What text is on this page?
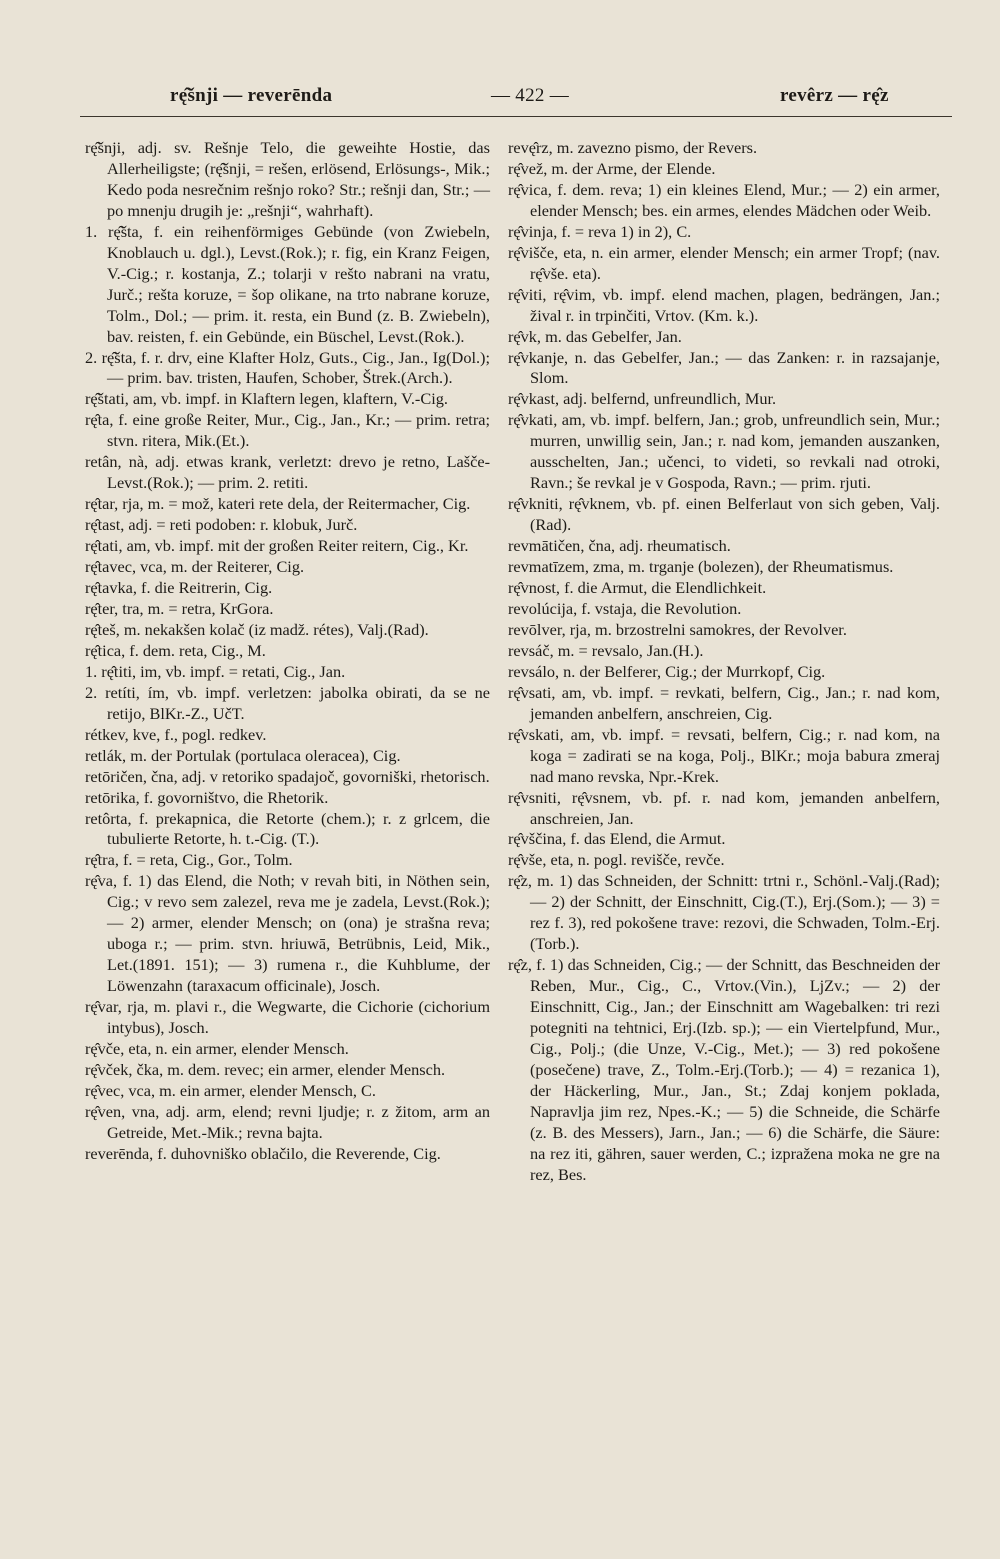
rę̂šnji — reverēnda	— 422 —	revêrz — rę̂z

rę̂šnji, adj. sv. Rešnje Telo, die geweihte Hostie, das Allerheiligste; (rę̂šnji, = rešen, erlösend, Erlösungs-, Mik.; Kedo poda nesrečnim rešnjo roko? Str.; rešnji dan, Str.; — po mnenju drugih je: „rešnji“, wahrhaft).

1. rę̂šta, f. ein reihenförmiges Gebünde (von Zwiebeln, Knoblauch u. dgl.), Levst.(Rok.); r. fig, ein Kranz Feigen, V.-Cig.; r. kostanja, Z.; tolarji v rešto nabrani na vratu, Jurč.; rešta koruze, = šop olikane, na trto nabrane koruze, Tolm., Dol.; — prim. it. resta, ein Bund (z. B. Zwiebeln), bav. reisten, f. ein Gebünde, ein Büschel, Levst.(Rok.).

2. rę̂šta, f. r. drv, eine Klafter Holz, Guts., Cig., Jan., Ig(Dol.); — prim. bav. tristen, Haufen, Schober, Štrek.(Arch.).

rę̂štati, am, vb. impf. in Klaftern legen, klaftern, V.-Cig.

rę̂ta, f. eine große Reiter, Mur., Cig., Jan., Kr.; — prim. retra; stvn. ritera, Mik.(Et.).

retân, nà, adj. etwas krank, verletzt: drevo je retno, Lašče-Levst.(Rok.); — prim. 2. retiti.

rę̂tar, rja, m. = mož, kateri rete dela, der Reitermacher, Cig.

rę̂tast, adj. = reti podoben: r. klobuk, Jurč.

rę̂tati, am, vb. impf. mit der großen Reiter reitern, Cig., Kr.

rę̂tavec, vca, m. der Reiterer, Cig.

rę̂tavka, f. die Reitrerin, Cig.

rę̂ter, tra, m. = retra, KrGora.

rę̂teš, m. nekakšen kolač (iz madž. rétes), Valj.(Rad).

rę̂tica, f. dem. reta, Cig., M.

1. rę̂titi, im, vb. impf. = retati, Cig., Jan.

2. retíti, ím, vb. impf. verletzen: jabolka obirati, da se ne retijo, BlKr.-Z., UčT.

rétkev, kve, f., pogl. redkev.

retlák, m. der Portulak (portulaca oleracea), Cig.

retōričen, čna, adj. v retoriko spadajoč, govorniški, rhetorisch.

retōrika, f. govorništvo, die Rhetorik.

retôrta, f. prekapnica, die Retorte (chem.); r. z grlcem, die tubulierte Retorte, h. t.-Cig. (T.).

rę̂tra, f. = reta, Cig., Gor., Tolm.

rę̂va, f. 1) das Elend, die Noth; v revah biti, in Nöthen sein, Cig.; v revo sem zalezel, reva me je zadela, Levst.(Rok.); — 2) armer, elender Mensch; on (ona) je strašna reva; uboga r.; — prim. stvn. hriuwā, Betrübnis, Leid, Mik., Let.(1891. 151); — 3) rumena r., die Kuhblume, der Löwenzahn (taraxacum officinale), Josch.

rę̂var, rja, m. plavi r., die Wegwarte, die Cichorie (cichorium intybus), Josch.

rę̂vče, eta, n. ein armer, elender Mensch.

rę̂vček, čka, m. dem. revec; ein armer, elender Mensch.

rę̂vec, vca, m. ein armer, elender Mensch, C.

rę̂ven, vna, adj. arm, elend; revni ljudje; r. z žitom, arm an Getreide, Met.-Mik.; revna bajta.

reverēnda, f. duhovniško oblačilo, die Reverende, Cig.

revę̂rz, m. zavezno pismo, der Revers.

rę̂vež, m. der Arme, der Elende.

rę̂vica, f. dem. reva; 1) ein kleines Elend, Mur.; — 2) ein armer, elender Mensch; bes. ein armes, elendes Mädchen oder Weib.

rę̂vinja, f. = reva 1) in 2), C.

rę̂višče, eta, n. ein armer, elender Mensch; ein armer Tropf; (nav. rę̂vše. eta).

rę̂viti, rę̂vim, vb. impf. elend machen, plagen, bedrängen, Jan.; žival r. in trpinčiti, Vrtov. (Km. k.).

rę̂vk, m. das Gebelfer, Jan.

rę̂vkanje, n. das Gebelfer, Jan.; — das Zanken: r. in razsajanje, Slom.

rę̂vkast, adj. belfernd, unfreundlich, Mur.

rę̂vkati, am, vb. impf. belfern, Jan.; grob, unfreundlich sein, Mur.; murren, unwillig sein, Jan.; r. nad kom, jemanden auszanken, ausschelten, Jan.; učenci, to videti, so revkali nad otroki, Ravn.; še revkal je v Gospoda, Ravn.; — prim. rjuti.

rę̂vkniti, rę̂vknem, vb. pf. einen Belferlaut von sich geben, Valj.(Rad).

revmātičen, čna, adj. rheumatisch.

revmatīzem, zma, m. trganje (bolezen), der Rheumatismus.

rę̂vnost, f. die Armut, die Elendlichkeit.

revolúcija, f. vstaja, die Revolution.

revōlver, rja, m. brzostrelni samokres, der Revolver.

revsáč, m. = revsalo, Jan.(H.).

revsálo, n. der Belferer, Cig.; der Murrkopf, Cig.

rę̂vsati, am, vb. impf. = revkati, belfern, Cig., Jan.; r. nad kom, jemanden anbelfern, anschreien, Cig.

rę̂vskati, am, vb. impf. = revsati, belfern, Cig.; r. nad kom, na koga = zadirati se na koga, Polj., BlKr.; moja babura zmeraj nad mano revska, Npr.-Krek.

rę̂vsniti, rę̂vsnem, vb. pf. r. nad kom, jemanden anbelfern, anschreien, Jan.

rę̂vščina, f. das Elend, die Armut.

rę̂vše, eta, n. pogl. revišče, revče.

rę̂z, m. 1) das Schneiden, der Schnitt: trtni r., Schönl.-Valj.(Rad); — 2) der Schnitt, der Einschnitt, Cig.(T.), Erj.(Som.); — 3) = rez f. 3), red pokošene trave: rezovi, die Schwaden, Tolm.-Erj.(Torb.).

rę̂z, f. 1) das Schneiden, Cig.; — der Schnitt, das Beschneiden der Reben, Mur., Cig., C., Vrtov.(Vin.), LjZv.; — 2) der Einschnitt, Cig., Jan.; der Einschnitt am Wagebalken: tri rezi potegniti na tehtnici, Erj.(Izb. sp.); — ein Viertelpfund, Mur., Cig., Polj.; (die Unze, V.-Cig., Met.); — 3) red pokošene (posečene) trave, Z., Tolm.-Erj.(Torb.); — 4) = rezanica 1), der Häckerling, Mur., Jan., St.; Zdaj konjem poklada, Napravlja jim rez, Npes.-K.; — 5) die Schneide, die Schärfe (z. B. des Messers), Jarn., Jan.; — 6) die Schärfe, die Säure: na rez iti, gähren, sauer werden, C.; izpražena moka ne gre na rez, Bes.
